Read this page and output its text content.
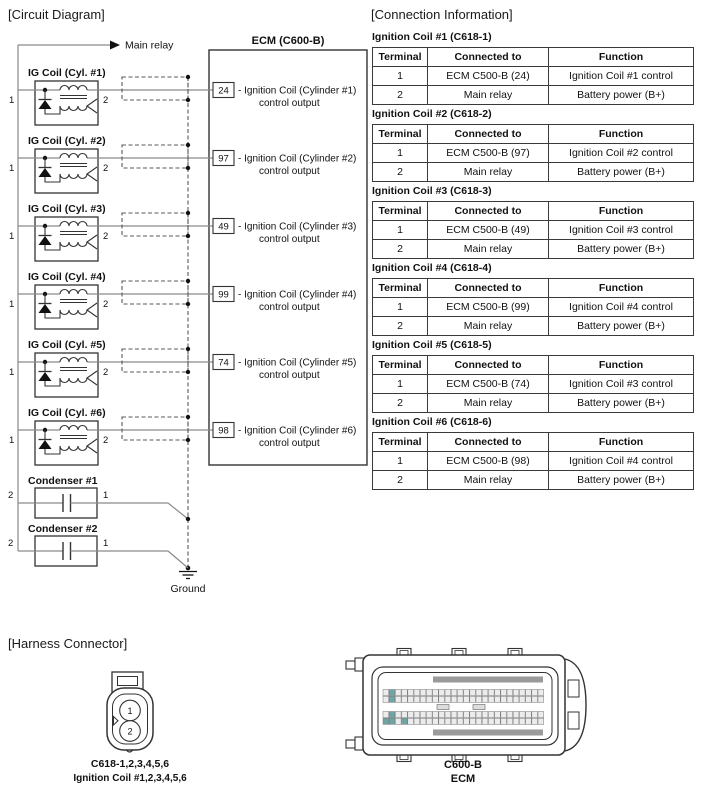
[Circuit Diagram]	[Connection Information]
[Harness Connector]
Main relay	ECM (C600-B)
Ground
IG Coil (Cyl. #1)
1	2
24 - Ignition Coil (Cylinder #1)
control output
IG Coil (Cyl. #2)
1	2
97 - Ignition Coil (Cylinder #2)
control output
IG Coil (Cyl. #3)
1	2
49 - Ignition Coil (Cylinder #3)
control output
IG Coil (Cyl. #4)
1	2
99 - Ignition Coil (Cylinder #4)
control output
IG Coil (Cyl. #5)
1	2
74 - Ignition Coil (Cylinder #5)
control output
IG Coil (Cyl. #6)
1	2
98 - Ignition Coil (Cylinder #6)
control output
Condenser #1
2	1
Condenser #2
2	1
Ignition Coil #1 (C618-1)
Terminal	Connected to	Function
1	ECM C500-B (24)	Ignition Coil #1 control
2	Main relay	Battery power (B+)
Ignition Coil #2 (C618-2)
Terminal	Connected to	Function
1	ECM C500-B (97)	Ignition Coil #2 control
2	Main relay	Battery power (B+)
Ignition Coil #3 (C618-3)
Terminal	Connected to	Function
1	ECM C500-B (49)	Ignition Coil #3 control
2	Main relay	Battery power (B+)
Ignition Coil #4 (C618-4)
Terminal	Connected to	Function
1	ECM C500-B (99)	Ignition Coil #4 control
2	Main relay	Battery power (B+)
Ignition Coil #5 (C618-5)
Terminal	Connected to	Function
1	ECM C500-B (74)	Ignition Coil #3 control
2	Main relay	Battery power (B+)
Ignition Coil #6 (C618-6)
Terminal	Connected to	Function
1	ECM C500-B (98)	Ignition Coil #4 control
2	Main relay	Battery power (B+)
1
2
C618-1,2,3,4,5,6
Ignition Coil #1,2,3,4,5,6
C600-B
ECM
